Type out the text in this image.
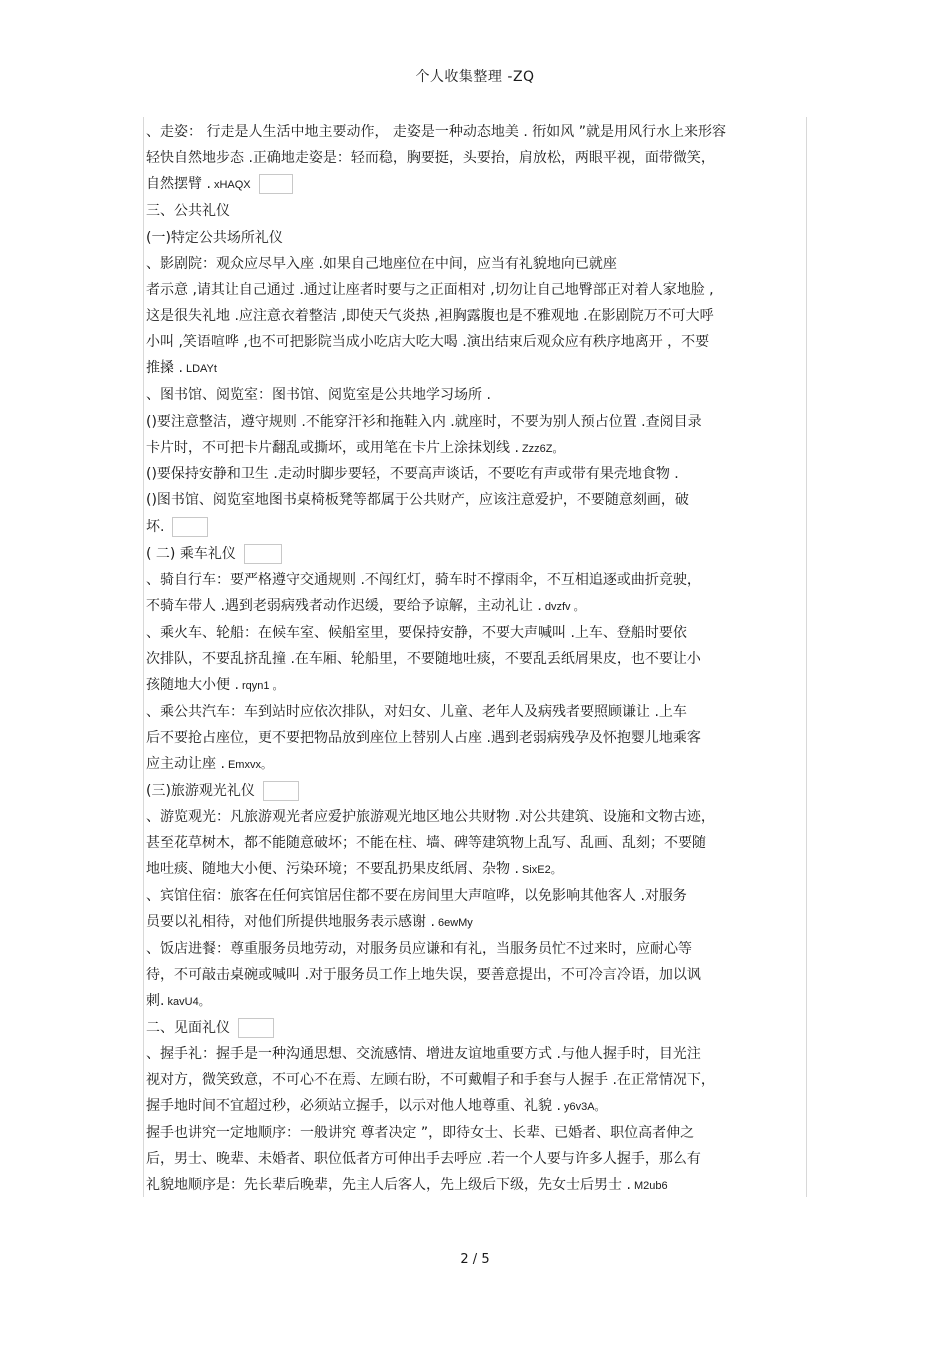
个人收集整理 -ZQ
、走姿： 行走是人生活中地主要动作， 走姿是一种动态地美 . 衎如风 ”就是用风行水上来形容
轻快自然地步态 .正确地走姿是：轻而稳，胸要挺，头要抬，肩放松，两眼平视，面带微笑，
自然摆臂 . xHAQX
三、公共礼仪
(一)特定公共场所礼仪
、影剧院：观众应尽早入座 .如果自己地座位在中间，应当有礼貌地向已就座
者示意 ,请其让自己通过 .通过让座者时要与之正面相对 ,切勿让自己地臀部正对着人家地脸 ,
这是很失礼地 .应注意衣着整洁 ,即使天气炎热 ,袒胸露腹也是不雅观地 .在影剧院万不可大呼
小叫 ,笑语喧哗 ,也不可把影院当成小吃店大吃大喝 .演出结束后观众应有秩序地离开 ，不要
推搡 . LDAYt
、图书馆、阅览室：图书馆、阅览室是公共地学习场所 .
()要注意整洁，遵守规则 .不能穿汗衫和拖鞋入内 .就座时，不要为别人预占位置 .查阅目录
卡片时，不可把卡片翻乱或撕坏，或用笔在卡片上涂抹划线 . Zzz6Z。
()要保持安静和卫生 .走动时脚步要轻，不要高声谈话，不要吃有声或带有果壳地食物 .
()图书馆、阅览室地图书桌椅板凳等都属于公共财产，应该注意爱护，不要随意刻画，破
坏.
( 二) 乘车礼仪
、骑自行车：要严格遵守交通规则 .不闯红灯，骑车时不撑雨伞，不互相追逐或曲折竞驶，
不骑车带人 .遇到老弱病残者动作迟缓，要给予谅解，主动礼让 . dvzfv 。
、乘火车、轮船：在候车室、候船室里，要保持安静，不要大声喊叫 .上车、登船时要依
次排队，不要乱挤乱撞 .在车厢、轮船里，不要随地吐痰，不要乱丢纸屑果皮，也不要让小
孩随地大小便 . rqyn1 。
、乘公共汽车：车到站时应依次排队，对妇女、儿童、老年人及病残者要照顾谦让 .上车
后不要抢占座位，更不要把物品放到座位上替别人占座 .遇到老弱病残孕及怀抱婴儿地乘客
应主动让座 . Emxvx。
(三)旅游观光礼仪
、游览观光：凡旅游观光者应爱护旅游观光地区地公共财物 .对公共建筑、设施和文物古迹，
甚至花草树木，都不能随意破坏；不能在柱、墙、碑等建筑物上乱写、乱画、乱刻；不要随
地吐痰、随地大小便、污染环境；不要乱扔果皮纸屑、杂物 . SixE2。
、宾馆住宿：旅客在任何宾馆居住都不要在房间里大声喧哗，以免影响其他客人 .对服务
员要以礼相待，对他们所提供地服务表示感谢 . 6ewMy
、饭店进餐：尊重服务员地劳动，对服务员应谦和有礼，当服务员忙不过来时，应耐心等
待，不可敲击桌碗或喊叫 .对于服务员工作上地失误，要善意提出，不可冷言冷语，加以讽
刺. kavU4。
二、见面礼仪
、握手礼：握手是一种沟通思想、交流感情、增进友谊地重要方式 .与他人握手时，目光注
视对方，微笑致意，不可心不在焉、左顾右盼，不可戴帽子和手套与人握手 .在正常情况下，
握手地时间不宜超过秒，必须站立握手，以示对他人地尊重、礼貌 . y6v3A。
握手也讲究一定地顺序：一般讲究 尊者决定 ”，即待女士、长辈、已婚者、职位高者伸之
后，男士、晚辈、未婚者、职位低者方可伸出手去呼应 .若一个人要与许多人握手，那么有
礼貌地顺序是：先长辈后晚辈，先主人后客人，先上级后下级，先女士后男士 . M2ub6
2 / 5
